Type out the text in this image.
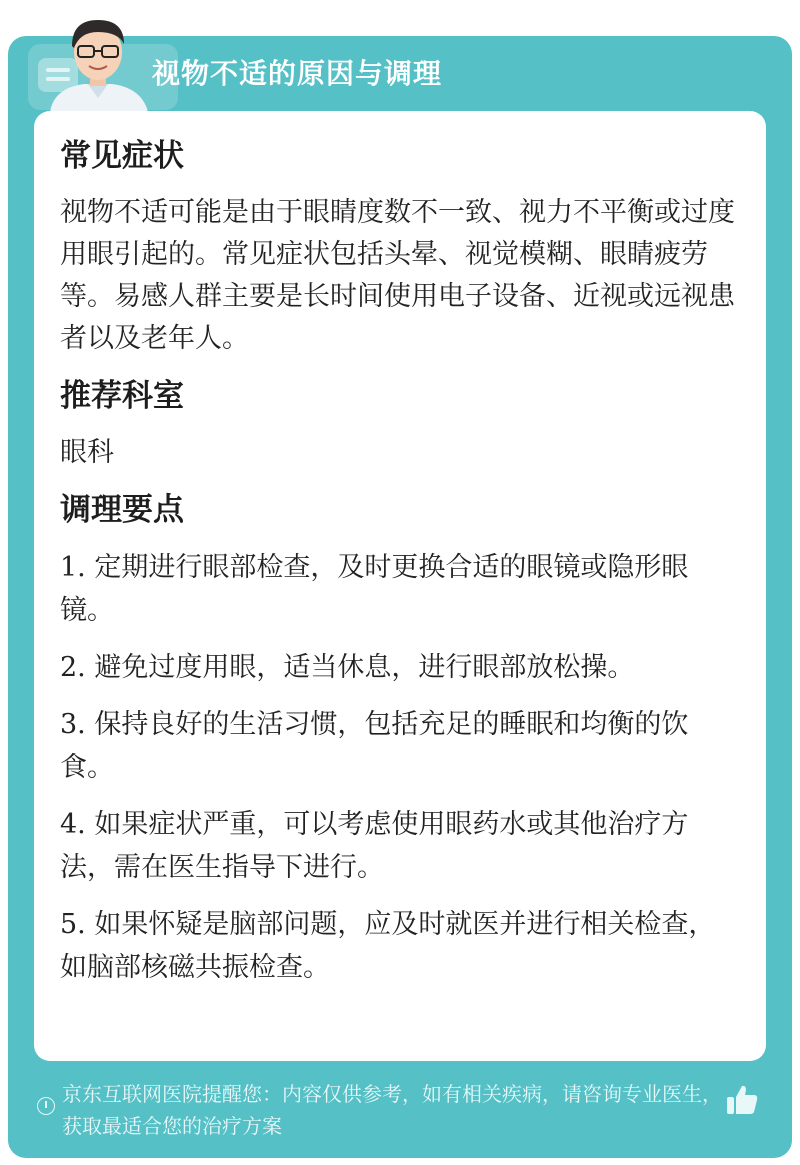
视物不适的原因与调理
常见症状
视物不适可能是由于眼睛度数不一致、视力不平衡或过度用眼引起的。常见症状包括头晕、视觉模糊、眼睛疲劳等。易感人群主要是长时间使用电子设备、近视或远视患者以及老年人。
推荐科室
眼科
调理要点
1. 定期进行眼部检查，及时更换合适的眼镜或隐形眼镜。
2. 避免过度用眼，适当休息，进行眼部放松操。
3. 保持良好的生活习惯，包括充足的睡眠和均衡的饮食。
4. 如果症状严重，可以考虑使用眼药水或其他治疗方法，需在医生指导下进行。
5. 如果怀疑是脑部问题，应及时就医并进行相关检查，如脑部核磁共振检查。
京东互联网医院提醒您：内容仅供参考，如有相关疾病，请咨询专业医生，获取最适合您的治疗方案
